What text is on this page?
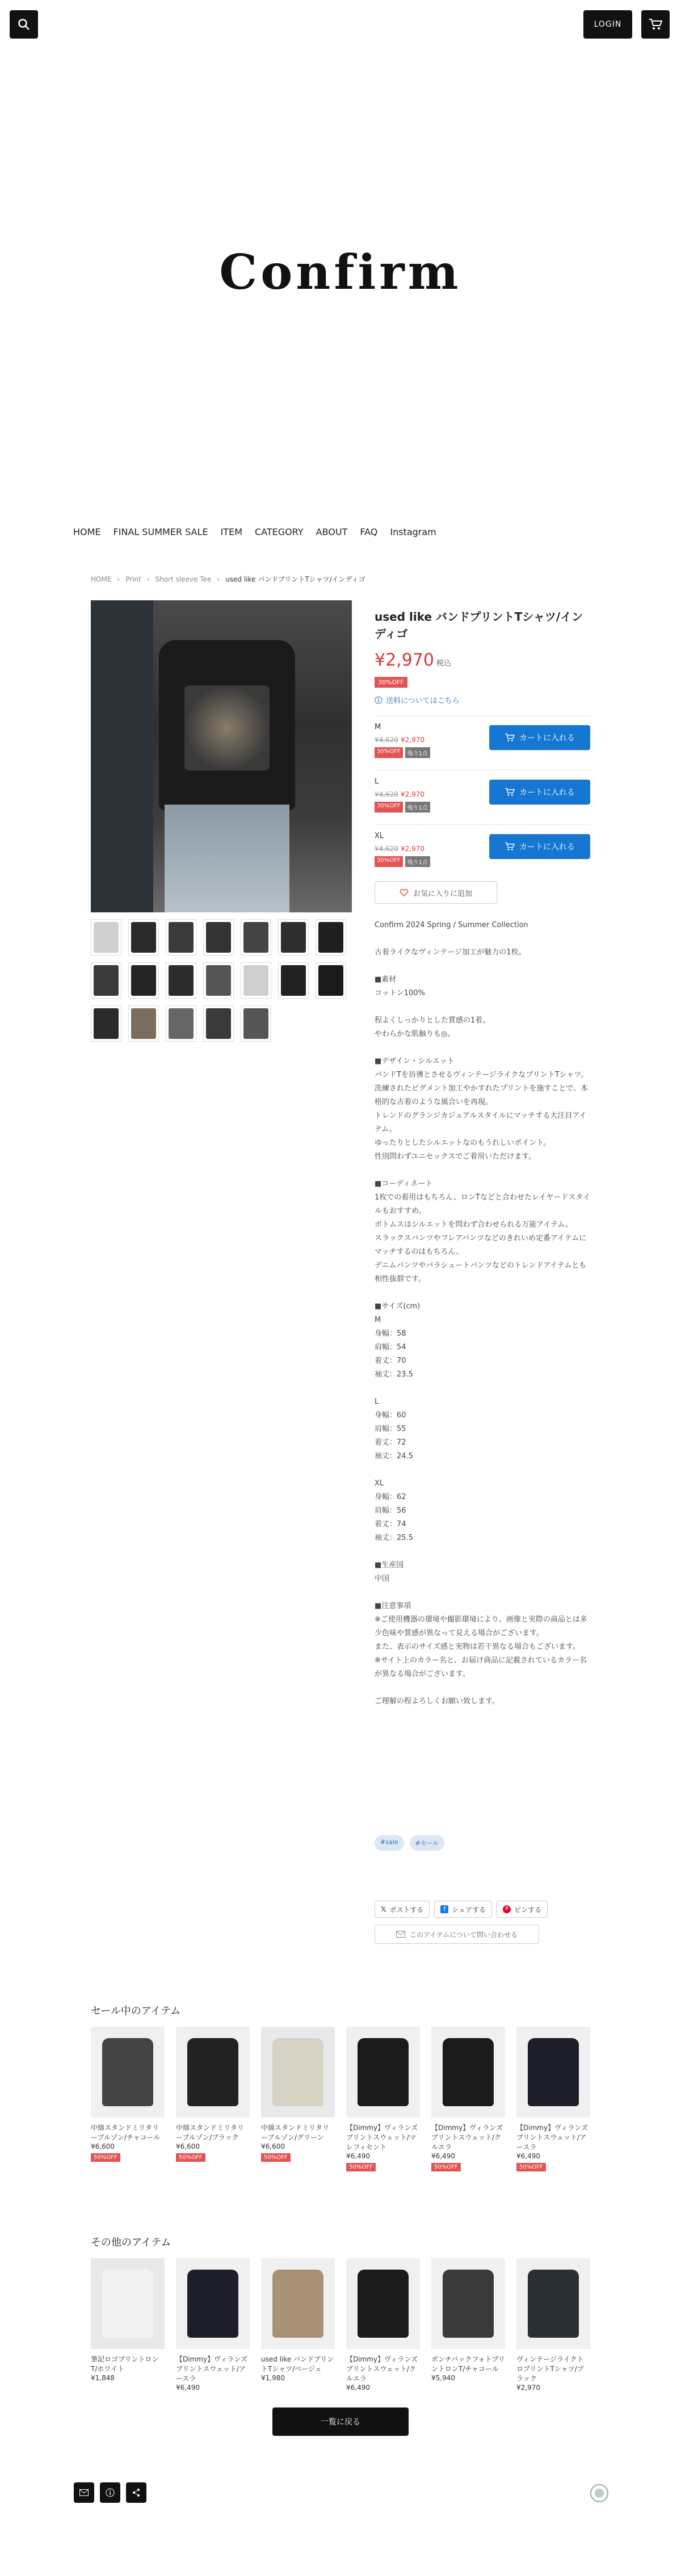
LOGIN
Confirm
HOME FINAL SUMMER SALE ITEM CATEGORY ABOUT FAQ Instagram
HOME › Print › Short sleeve Tee › used like バンドプリントTシャツ/インディゴ
used like バンドプリントTシャツ/インディゴ
¥2,970 税込
30%OFF
送料についてはこちら
M
¥4,620 ¥2,970
30%OFF	残り1点
カートに入れる
L
¥4,620 ¥2,970
30%OFF	残り1点
カートに入れる
XL
¥4,620 ¥2,970
30%OFF	残り1点
カートに入れる
お気に入りに追加
Confirm 2024 Spring / Summer Collection

古着ライクなヴィンテージ加工が魅力の1枚。

■素材
コットン100%

程よくしっかりとした質感の1着。
やわらかな肌触りも◎。

■デザイン・シルエット
バンドTを彷彿とさせるヴィンテージライクなプリントTシャツ。
洗練されたピグメント加工やかすれたプリントを施すことで、本格的な古着のような風合いを再現。
トレンドのグランジカジュアルスタイルにマッチする大注目アイテム。
ゆったりとしたシルエットなのもうれしいポイント。
性別問わずユニセックスでご着用いただけます。

■コーディネート
1枚での着用はもちろん、ロンTなどと合わせたレイヤードスタイルもおすすめ。
ボトムスはシルエットを問わず合わせられる万能アイテム。
スラックスパンツやフレアパンツなどのきれいめ定番アイテムにマッチするのはもちろん、
デニムパンツやパラシュートパンツなどのトレンドアイテムとも相性抜群です。

■サイズ(cm)
M
身幅：58
肩幅：54
着丈：70
袖丈：23.5

L
身幅：60
肩幅：55
着丈：72
袖丈：24.5

XL
身幅：62
肩幅：56
着丈：74
袖丈：25.5

■生産国
中国

■注意事項
※ご使用機器の環境や撮影環境により、画像と実際の商品とは多少色味や質感が異なって見える場合がございます。
また、表示のサイズ感と実物は若干異なる場合もございます。
※サイト上のカラー名と、お届け商品に記載されているカラー名が異なる場合がございます。

ご理解の程よろしくお願い致します。
#sale	#セール
𝕏 ポストする	f シェアする	P ピンする
このアイテムについて問い合わせる
セール中のアイテム
中綿スタンドミリタリーブルゾン/チャコール
¥6,600
50%OFF
中綿スタンドミリタリーブルゾン/ブラック
¥6,600
50%OFF
中綿スタンドミリタリーブルゾン/グリーン
¥6,600
50%OFF
【Dimmy】ヴィランズプリントスウェット/マレフィセント
¥6,490
50%OFF
【Dimmy】ヴィランズプリントスウェット/クルエラ
¥6,490
50%OFF
【Dimmy】ヴィランズプリントスウェット/アースラ
¥6,490
50%OFF
その他のアイテム
筆記ロゴプリントロンT/ホワイト
¥1,848
【Dimmy】ヴィランズプリントスウェット/アースラ
¥6,490
used like バンドプリントTシャツ/ベージュ
¥1,980
【Dimmy】ヴィランズプリントスウェット/クルエラ
¥6,490
ボンチバックフォトプリントロンT/チャコール
¥5,940
ヴィンテージライクトロプリントTシャツ/ブラック
¥2,970
一覧に戻る
